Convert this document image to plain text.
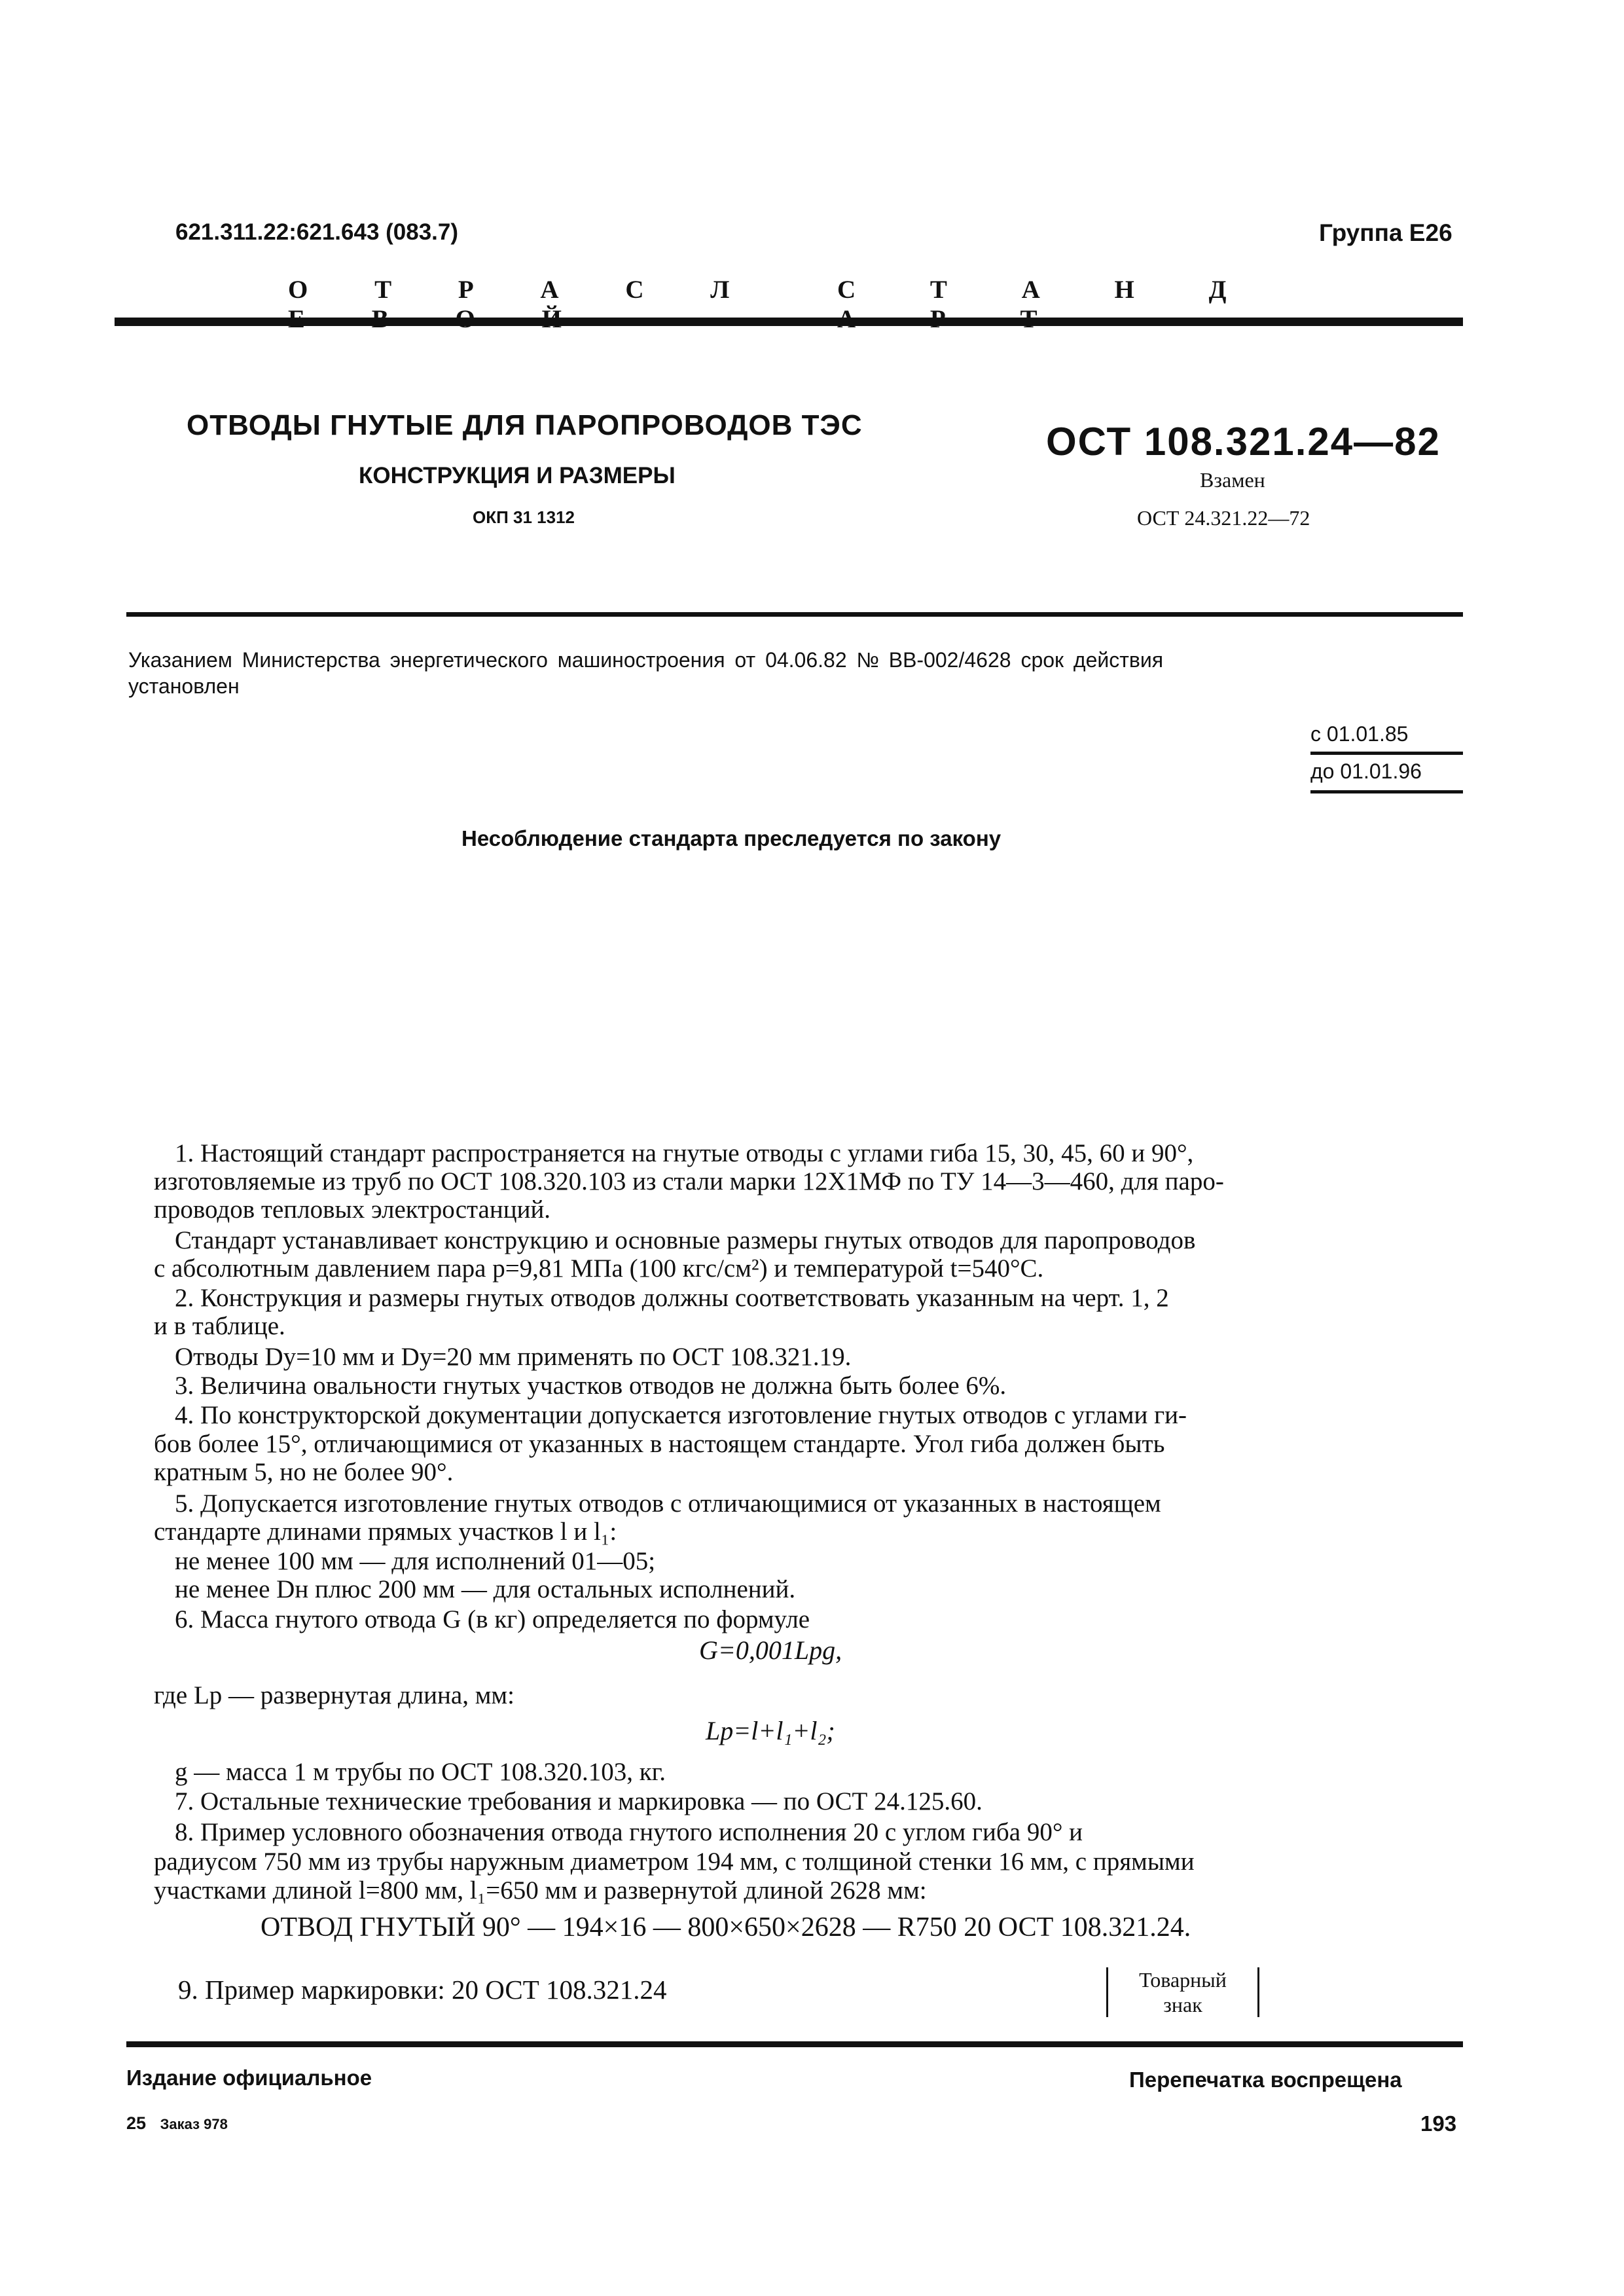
621.311.22:621.643 (083.7)	Группа Е26
О Т Р А С Л	С Т А Н Д
ОТВОДЫ ГНУТЫЕ ДЛЯ ПАРОПРОВОДОВ ТЭС
КОНСТРУКЦИЯ И РАЗМЕРЫ
ОКП 31 1312
ОСТ 108.321.24—82
Взамен
ОСТ 24.321.22—72
Указанием Министерства энергетического машиностроения от 04.06.82 № ВВ-002/4628 срок действия
установлен
с 01.01.85
до 01.01.96
Несоблюдение стандарта преследуется по закону
1. Настоящий стандарт распространяется на гнутые отводы с углами гиба 15, 30, 45, 60 и 90°,
изготовляемые из труб по ОСТ 108.320.103 из стали марки 12Х1МФ по ТУ 14—3—460, для паро-
проводов тепловых электростанций.
Стандарт устанавливает конструкцию и основные размеры гнутых отводов для паропроводов
с абсолютным давлением пара р=9,81 МПа (100 кгс/см²) и температурой t=540°С.
2. Конструкция и размеры гнутых отводов должны соответствовать указанным на черт. 1, 2
и в таблице.
Отводы Dу=10 мм и Dу=20 мм применять по ОСТ 108.321.19.
3. Величина овальности гнутых участков отводов не должна быть более 6%.
4. По конструкторской документации допускается изготовление гнутых отводов с углами ги-
бов более 15°, отличающимися от указанных в настоящем стандарте. Угол гиба должен быть
кратным 5, но не более 90°.
5. Допускается изготовление гнутых отводов с отличающимися от указанных в настоящем
стандарте длинами прямых участков l и l₁:
не менее 100 мм — для исполнений 01—05;
не менее Dн плюс 200 мм — для остальных исполнений.
6. Масса гнутого отвода G (в кг) определяется по формуле
G=0,001Lрg,
где Lр — развернутая длина, мм:
Lр=l+l₁+l₂;
g — масса 1 м трубы по ОСТ 108.320.103, кг.
7. Остальные технические требования и маркировка — по ОСТ 24.125.60.
8. Пример условного обозначения отвода гнутого исполнения 20 с углом гиба 90° и
радиусом 750 мм из трубы наружным диаметром 194 мм, с толщиной стенки 16 мм, с прямыми
участками длиной l=800 мм, l₁=650 мм и развернутой длиной 2628 мм:
ОТВОД ГНУТЫЙ 90° — 194×16 — 800×650×2628 — R750 20 ОСТ 108.321.24.
9. Пример маркировки: 20 ОСТ 108.321.24	Товарный
знак
Издание официальное	Перепечатка воспрещена
25 Заказ 978	193
